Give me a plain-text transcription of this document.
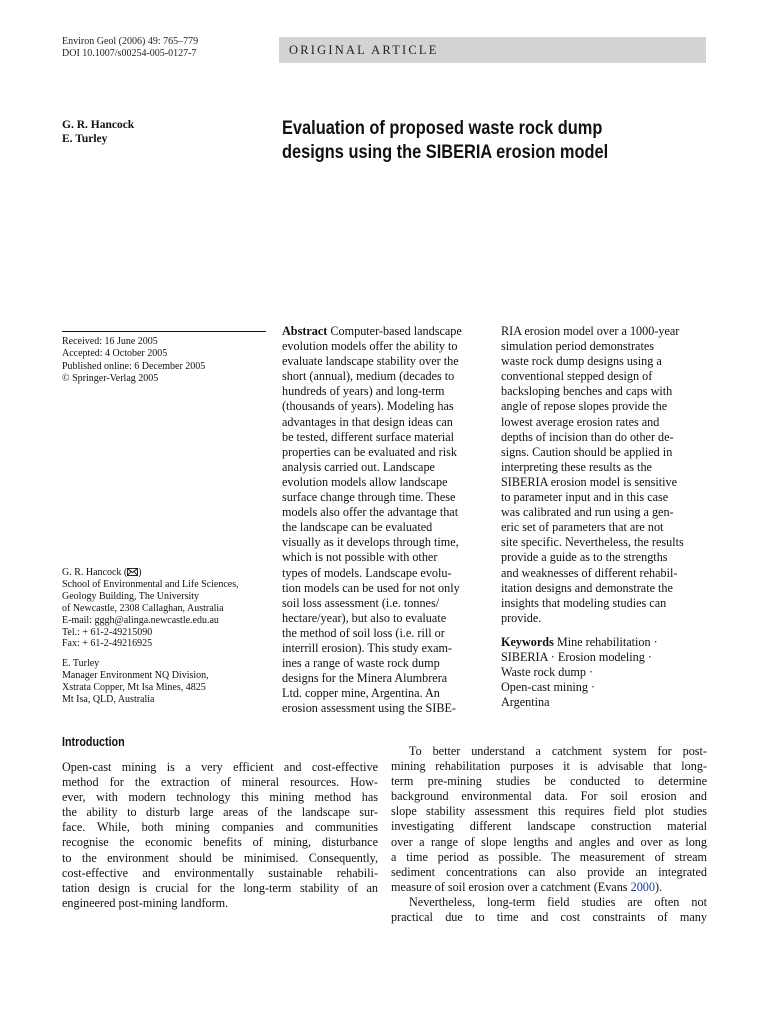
Environ Geol (2006) 49: 765–779
DOI 10.1007/s00254-005-0127-7	ORIGINAL ARTICLE
G. R. Hancock
E. Turley	Evaluation of proposed waste rock dump
designs using the SIBERIA erosion model
Received: 16 June 2005
Accepted: 4 October 2005
Published online: 6 December 2005
© Springer-Verlag 2005
G. R. Hancock ( )
School of Environmental and Life Sciences,
Geology Building, The University
of Newcastle, 2308 Callaghan, Australia
E-mail: gggh@alinga.newcastle.edu.au
Tel.: + 61-2-49215090
Fax: + 61-2-49216925
E. Turley
Manager Environment NQ Division,
Xstrata Copper, Mt Isa Mines, 4825
Mt Isa, QLD, Australia
Abstract Computer-based landscape
evolution models offer the ability to
evaluate landscape stability over the
short (annual), medium (decades to
hundreds of years) and long-term
(thousands of years). Modeling has
advantages in that design ideas can
be tested, different surface material
properties can be evaluated and risk
analysis carried out. Landscape
evolution models allow landscape
surface change through time. These
models also offer the advantage that
the landscape can be evaluated
visually as it develops through time,
which is not possible with other
types of models. Landscape evolu-
tion models can be used for not only
soil loss assessment (i.e. tonnes/
hectare/year), but also to evaluate
the method of soil loss (i.e. rill or
interrill erosion). This study exam-
ines a range of waste rock dump
designs for the Minera Alumbrera
Ltd. copper mine, Argentina. An
erosion assessment using the SIBE-
RIA erosion model over a 1000-year
simulation period demonstrates
waste rock dump designs using a
conventional stepped design of
backsloping benches and caps with
angle of repose slopes provide the
lowest average erosion rates and
depths of incision than do other de-
signs. Caution should be applied in
interpreting these results as the
SIBERIA erosion model is sensitive
to parameter input and in this case
was calibrated and run using a gen-
eric set of parameters that are not
site specific. Nevertheless, the results
provide a guide as to the strengths
and weaknesses of different rehabil-
itation designs and demonstrate the
insights that modeling studies can
provide.
Keywords Mine rehabilitation ·
SIBERIA · Erosion modeling ·
Waste rock dump ·
Open-cast mining ·
Argentina
Introduction
Open-cast mining is a very efficient and cost-effective
method for the extraction of mineral resources. How-
ever, with modern technology this mining method has
the ability to disturb large areas of the landscape sur-
face. While, both mining companies and communities
recognise the economic benefits of mining, disturbance
to the environment should be minimised. Consequently,
cost-effective and environmentally sustainable rehabili-
tation design is crucial for the long-term stability of an
engineered post-mining landform.
To better understand a catchment system for post-
mining rehabilitation purposes it is advisable that long-
term pre-mining studies be conducted to determine
background environmental data. For soil erosion and
slope stability assessment this requires field plot studies
investigating different landscape construction material
over a range of slope lengths and angles and over as long
a time period as possible. The measurement of stream
sediment concentrations can also provide an integrated
measure of soil erosion over a catchment (Evans 2000).
Nevertheless, long-term field studies are often not
practical due to time and cost constraints of many
